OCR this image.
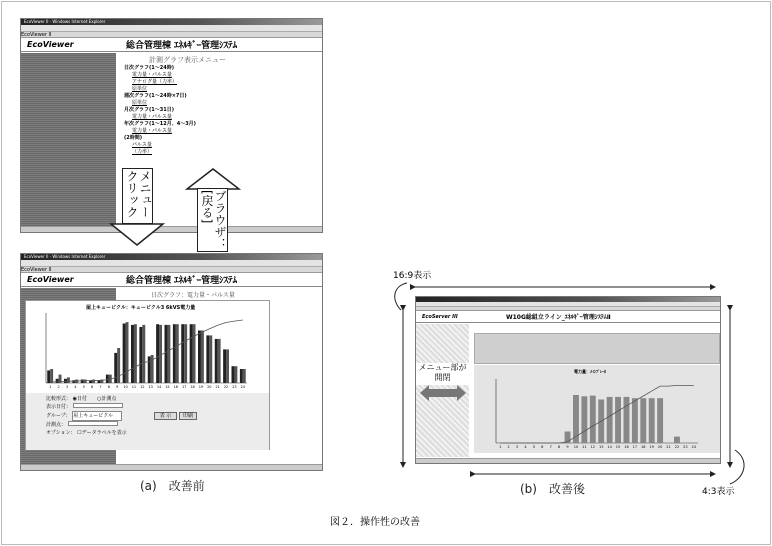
EcoViewer II - Windows Internet Explorer
EcoViewer II
EcoViewer	総合管理棟 ｴﾈﾙｷﾞｰ管理ｼｽﾃﾑ
計測グラフ表示メニュー
日次グラフ(1～24時)
電力量・パルス量
アナログ量（力率）
原単位
週次グラフ(1～24時×7日)
原単位
月次グラフ(1～31日)
電力量・パルス量
年次グラフ(1～12月、4～3月)
電力量・パルス量
(2時間)
パルス量
（力率）
EcoViewer II - Windows Internet Explorer
EcoViewer II
EcoViewer	総合管理棟 ｴﾈﾙｷﾞｰ管理ｼｽﾃﾑ
日次グラフ：電力量・パルス量
屋上キュービクル：キュービクル3 6kVS電力量
1 2 3 4 5 6 7 8 9 10 11 12 13 14 15 16 17 18 19 20 21 22 23 24
比較形式： ◉日付　　○計測点
表示日付：
グループ： 屋上キュービクル	表 示 印刷
計測点：
オプション： ☐データラベルを表示
メニュークリック	ブラウザ：[戻る]
(a)　改善前
EcoServer III	W10G総組立ライン_ｴﾈﾙｷﾞｰ管理ｼｽﾃﾑⅡ
メニュー部が開閉
電力量：ﾒｲﾝﾌﾞﾚｰｶ
1 2 3 4 5 6 7 8 9 10 11 12 13 14 15 16 17 18 19 20 21 22 23 24
16:9表示
4:3表示
(b)　改善後
図２．操作性の改善
